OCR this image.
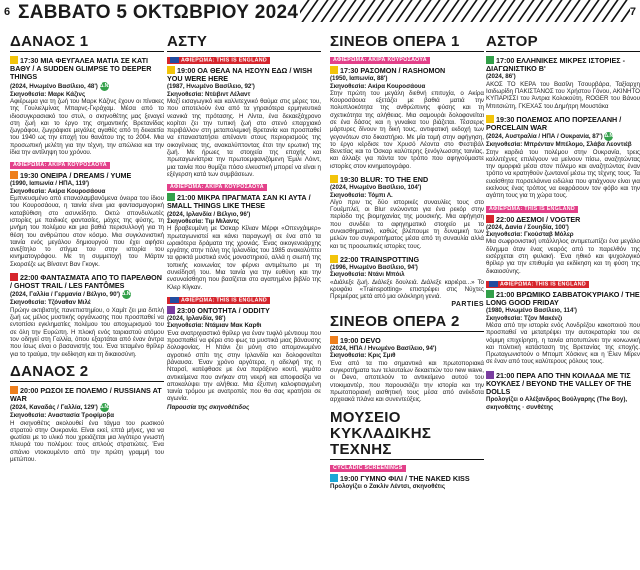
6 ΣΑΒΒΑΤΟ 5 ΟΚΤΩΒΡΙΟΥ 2024	7
ΔΑΝΑΟΣ 1
17:30 ΜΙΑ ΦΕΥΓΑΛΕΑ ΜΑΤΙΑ ΣΕ ΚΑΤΙ ΒΑΘΥ / A SUDDEN GLIMPSE TO DEEPER THINGS
(2024, Ηνωμένο Βασίλειο, 48') Δ.Ν.
Σκηνοθεσία: Μαρκ Κάζινς
Αφιέρωμα για τη ζωή του Μαρκ Κάζινς έχουν οι πίνακες της Γουλιελμίνας Μπαρνς-Γκράχαμ. Μέσα από το ιδιοσυγκρασιακό του στυλ, ο σκηνοθέτης μας ξεναγεί στη ζωή και το έργο της σημαντικής Βρετανίδας ζωγράφου, ζωγράφισε μεγάλες αγαθές από τη δεκαετία του 1940 ως την εποχή του θανάτου της το 2004. Μια προσωπική μελέτη για την τέχνη, την απώλεια και την ίδια την αντίληψη του χρόνου.
ΑΦΙΕΡΩΜΑ: ΑΚΙΡΑ ΚΟΥΡΟΣΑΟΥΑ
19:30 ΟΝΕΙΡΑ / DREAMS / ΥUME
(1990, Ιαπωνία / ΗΠΑ, 119')
Σκηνοθεσία: Ακίρα Κουροσάουα
Εμπνευσμένο από επαναλαμβανόμενα όνειρα του ίδιου του Κουροσάουα, η ταινία είναι μια φαντασμαγορική καταβύθιση στο ασυνείδητο. Οκτώ σπονδυλωτές ιστορίες με παιδικές φαντασίες, μάχες της φύσης, τη μνήμη του πολέμου και μια βαθιά περισυλλογή για τη θέση του ανθρώπου στον κόσμο. Μια συγκλονιστική ταινία ενός μεγάλου δημιουργού που έχει αφήσει ανεξίτηλο το στίγμα του στην ιστορία του κινηματογράφου. Με τη συμμετοχή του Μάρτιν Σκορσέζε ως Βίνσεντ Βαν Γκογκ.
22:00 ΦΑΝΤΑΣΜΑΤΑ ΑΠΟ ΤΟ ΠΑΡΕΛΘΟΝ / GHOST TRAIL / LES FANTÔMES
(2024, Γαλλία / Γερμανία / Βέλγιο, 90') Δ.Ν.
Σκηνοθεσία: Τζόναθαν Μιλέ
Πρώην ακτιβιστής πανεπιστημίου, ο Χαμίτ ζει μια διπλή ζωή ως μέλος μυστικής οργάνωσης που προσπαθεί να εντοπίσει εγκληματίες πολέμου του αποχωρισμού του σε όλη την Ευρώπη. Η πλοκή ενός ταιριαστού ατόμου τον οδηγεί στη Γαλλία, όπου εξαρτάται από έναν άντρα που ίσως είναι ο βασανιστής του. Ένα τεταμένο θρίλερ για το τραύμα, την εκδίκηση και τη δικαιοσύνη.
ΔΑΝΑΟΣ 2
20:00 ΡΩΣΟΙ ΣΕ ΠΟΛΕΜΟ / RUSSIANS AT WAR
(2024, Καναδάς / Γαλλία, 129') Δ.Ν.
Σκηνοθεσία: Αναστασία Τροφίμοβα
Η σκηνοθέτις ακολουθεί ένα τάγμα του ρωσικού στρατού στην Ουκρανία. Είναι εκεί, επτά μήνες, για να φωτίσει με το υλικό που χρειάζεται μια λιγότερο γνωστή πλευρά του πολέμου: τους απλούς στρατιώτες. Ένα σπάνιο ντοκουμέντο από την πρώτη γραμμή του μετώπου.
ΑΣΤΥ
ΑΦΙΕΡΩΜΑ: THIS IS ENGLAND
19:00 ΟΑ ΘΕΛΑ ΝΑ ΗΣΟΥΝ ΕΔΩ / WISH YOU WERE HERE
(1987, Ηνωμένο Βασίλειο, 92')
Σκηνοθεσία: Ντέιβιντ Λέλαντ
Μαζί εισαγωγικό και καλλιτεχνικό θαύμα στις μέρες του, που αποτελούν ένα από τα γηραιότερα ερμηνευτικά νεανικά της πρότασης. Η Λίντα, ένα δεκαεξάχρονο κορίτσι ζει την τυπική ζωή στο στενό επαρχιακό περιβάλλον στη μεταπολεμική Βρετανία και προσπαθεί να επαναστατήσει απέναντι στους περιορισμούς της οικογένειας της, ανακαλύπτοντας έτσι την ερωτική της ζωή. Με ήρωες τα στοιχεία της εποχής και πρωταγωνίστρια την πρωτοεμφανιζόμενη Έμιλι Λόιντ, μια ταινία που θυμίζει πόσο ελκυστική μπορεί να είναι η εξέγερση κατά των συμβάσεων.
ΑΦΙΕΡΩΜΑ: ΑΚΙΡΑ ΚΟΥΡΟΣΑΟΥΑ
21:00 ΜΙΚΡΑ ΠΡΑΓΜΑΤΑ ΣΑΝ ΚΙ ΑΥΤΑ / SMALL THINGS LIKE THESE
(2024, Ιρλανδία / Βέλγιο, 96')
Σκηνοθεσία: Τιμ Μιλαντς
Η βραβευμένη με Όσκαρ Κίλιαν Μέρφι «Οπενχάιμερ» πρωταγωνιστεί και κάνει παραγωγή σε ένα από τα ωραιότερα δράματα της χρονιάς. Ένας οικογενειάρχης εργάτης στην πόλη της Ιρλανδίας του 1985 ανακαλύπτει τα φρικτά μυστικά ενός μοναστηριού, αλλά η σιωπή της τοπικής κοινωνίας τον φέρνει αντιμέτωπο με τη συνείδησή του. Μια ταινία για την ευθύνη και την ενσυναίσθηση που βασίζεται στο αγαπημένο βιβλίο της Κλερ Κίγκαν.
ΑΦΙΕΡΩΜΑ: THIS IS ENGLAND
23:00 ΟΝΤΟΤΗΤΑ / ODDITY
(2024, Ιρλανδία, 98')
Σκηνοθεσία: Ντάμιαν Μακ Καρθι
Ένα ανατριχιαστικό θρίλερ για έναν τυφλό μέντιουμ που προσπαθεί να φέρει στο φως τα μυστικά μιας βάναυσης δολοφονίας. Η Ντάνι ζει μόνη στο απομονωμένο αγροτικό σπίτι της στην Ιρλανδία και δολοφονείται βάναυσα. Έναν χρόνο αργότερα, η αδελφή της η Νταρσί, κατέφθασε με ένα παράξενο κουτί, γεμάτο αντικείμενα που ανήκαν στη νεκρή και αποφασίζει να αποκαλύψει την αλήθεια. Μια έξυπνη καλοφτιαγμένη ταινία τρόμου με ανατροπές που θα σας κρατήσει σε αγωνία.
Παρουσία της σκηνοθέτιδος
ΣΙΝΕΟΒ ΟΠΕΡΑ 1
ΑΦΙΕΡΩΜΑ: ΑΚΙΡΑ ΚΟΥΡΟΣΑΟΥΑ
17:30 ΡΑΣΟΜΟΝ / RASHOMON
(1950, Ιαπωνία, 88')
Σκηνοθεσία: Ακίρα Κουροσάουα
Στην πρώτη του μεγάλη διεθνή επιτυχία, ο Ακίρα Κουροσάουα εξετάζει με βαθιά ματιά την πολυπλοκότητα της ανθρώπινης φύσης και τη σχετικότητα της αλήθειας. Μια σαμουράι δολοφονείται σε ένα δάσος και η γυναίκα του βιάζεται. Τέσσερις μάρτυρες δίνουν τη δική τους, αντιφατική εκδοχή των γεγονότων στο δικαστήριο. Με μία τομή στην αφήγηση, το έργο κέρδισε τον Χρυσό Λέοντα στο Φεστιβάλ Βενετίας και το Όσκαρ καλύτερης ξενόγλωσσης ταινίας, και άλλαξε για πάντα τον τρόπο που αφηγούμαστε ιστορίες στον κινηματογράφο.
19:30 BLUR: TO THE END
(2024, Ηνωμένο Βασίλειο, 104')
Σκηνοθεσία: Τόμπι Λ.
Λίγο πριν τις δύο ιστορικές συναυλίες τους στο Γουέμπλεϊ, οι Blur ενώνονται για ένα ρεκόρ στην περίοδο της βιομηχανίας της μουσικής. Μια αφήγηση που συνδέει το αφηγηματικό στοιχείο με το συναισθηματικό, καθώς βλέπουμε τη δυναμική των μελών του συγκροτήματος μέσα από τη συναυλία αλλά και τις προσωπικές ιστορίες τους.
22:00 TRAINSPOTTING
(1996, Ηνωμένο Βασίλειο, 94')
Σκηνοθεσία: Ντάνι Μπόιλ
«Διάλεξε ζωή. Διάλεξε δουλειά. Διάλεξε καριέρα...» Το κρυφάκι «Trainspotting» επιστρέφει στις Νύχτες Πρεμιέρας μετά από μια ολόκληρη γενιά.
PARTIES
ΣΙΝΕΟΒ ΟΠΕΡΑ 2
19:00 DEVO
(2024, ΗΠΑ / Ηνωμένο Βασίλειο, 94')
Σκηνοθεσία: Κρις Σμιθ
Ένα από τα πιο σημαντικά και πρωτοποριακά συγκροτήματα των τελευταίων δεκαετιών του new wave, οι Devo, αποτελούν το αντικείμενο αυτού του ντοκιμαντέρ, που παρουσιάζει την ιστορία και την πρωτοποριακή αισθητική τους μέσα από ανέκδοτα αρχειακά πλάνα και συνεντεύξεις.
ΜΟΥΣΕΙΟ ΚΥΚΛΑΔΙΚΗΣ ΤΕΧΝΗΣ
CYCLADIC SCREENINGS
19:00 ΓΥΜΝΟ ΦΙΛΙ / THE NAKED KISS
Προλογίζει ο Ζακλίν Λέντσι, σκηνοθέτις
ΑΣΤΟΡ
17:00 ΕΛΛΗΝΙΚΕΣ ΜΙΚΡΕΣ ΙΣΤΟΡΙΕΣ - ΔΙΑΓΩΝΙΣΤΙΚΟ Β'
(2024, 86')
ΑΚΟΣ ΤΟ ΚΕΡΑ του Βασίλη Τσουρβάρα, Ταξίαρχη Ισιδωρίδη ΠΑΚΙΣΤΑΝΟΣ του Χρήστου Γόνου, ΑΚΙΝΗΤΟ ΚΥΠΑΡΙΣΣΙ του Άντρια Κολοκούτη, ROGER του Βάνου Μπιτσιώτη, ΓΚΕΧΑΣ του Δημήτρη Μουστάκα
19:30 ΠΟΛΕΜΟΣ ΑΠΟ ΠΟΡΣΕΛΑΝΗ / PORCELAIN WAR
(2024, Αυστραλία / ΗΠΑ / Ουκρανία, 87') Δ.Ν.
Σκηνοθεσία: Μπρένταν Μπέλομο, Σλάβα Λεοντιέβ
Στην καρδιά του πολέμου στην Ουκρανία, τρεις καλλιτέχνες επιλέγουν να μείνουν πίσω, αναζητώντας την ομορφιά μέσα στον πόλεμο και αναζητώντας έναν τρόπο να κρατηθούν ζωντανοί μέσω της τέχνης τους. Τα ευαίσθητα πορσελάνινα ειδώλια που φτιάχνουν είναι για εκείνους ένας τρόπος να εκφράσουν τον φόβο και την αγάπη τους για τη χώρα τους.
ΑΦΙΕΡΩΜΑ: THIS IS ENGLAND
22:00 ΔΕΣΜΟΙ / VOGTER
(2024, Δανία / Σουηδία, 100')
Σκηνοθεσία: Γκούσταβ Μόλερ
Μια σωφρονιστική υπάλληλος αντιμετωπίζει ένα μεγάλο δίλημμα όταν ένας νεαρός από το παρελθόν της εισέρχεται στη φυλακή. Ένα ηθικό και ψυχολογικό θρίλερ για την επιθυμία για εκδίκηση και τη φύση της δικαιοσύνης.
ΑΦΙΕΡΩΜΑ: THIS IS ENGLAND
21:00 ΒΡΩΜΙΚΟ ΣΑΒΒΑΤΟΚΥΡΙΑΚΟ / THE LONG GOOD FRIDAY
(1980, Ηνωμένο Βασίλειο, 114')
Σκηνοθεσία: Τζον Μακένζι
Μέσα από την ιστορία ενός Λονδρέζου κακοποιού που προσπαθεί να μετατρέψει την αυτοκρατορία του σε νόμιμη επιχείρηση, η ταινία αποτυπώνει την κοινωνική και πολιτική κατάσταση της Βρετανίας της εποχής. Πρωταγωνιστούν ο Μπομπ Χόσκινς και η Έλεν Μίρεν σε έναν από τους καλύτερους ρόλους τους.
21:00 ΠΕΡΑ ΑΠΟ ΤΗΝ ΚΟΙΛΑΔΑ ΜΕ ΤΙΣ ΚΟΥΚΛΕΣ / BEYOND THE VALLEY OF THE DOLLS
Προλογίζει ο Αλέξανδρος Βούλγαρης (The Boy), σκηνοθέτης · συνθέτης
